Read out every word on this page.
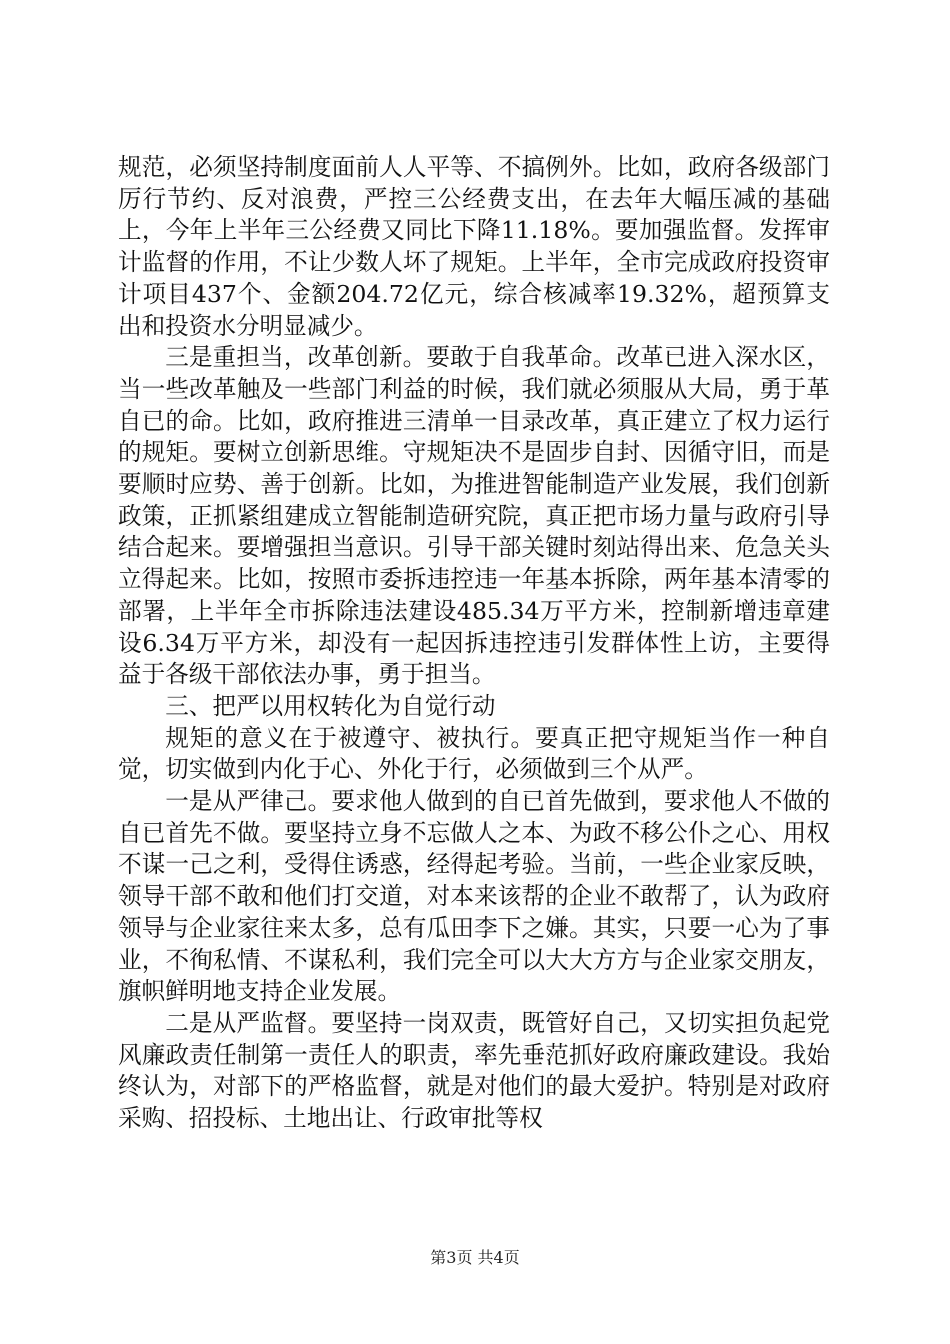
规范，必须坚持制度面前人人平等、不搞例外。比如，政府各级部门厉行节约、反对浪费，严控三公经费支出，在去年大幅压减的基础上，今年上半年三公经费又同比下降11.18%。要加强监督。发挥审计监督的作用，不让少数人坏了规矩。上半年，全市完成政府投资审计项目437个、金额204.72亿元，综合核减率19.32%，超预算支出和投资水分明显减少。

三是重担当，改革创新。要敢于自我革命。改革已进入深水区，当一些改革触及一些部门利益的时候，我们就必须服从大局，勇于革自已的命。比如，政府推进三清单一目录改革，真正建立了权力运行的规矩。要树立创新思维。守规矩决不是固步自封、因循守旧，而是要顺时应势、善于创新。比如，为推进智能制造产业发展，我们创新政策，正抓紧组建成立智能制造研究院，真正把市场力量与政府引导结合起来。要增强担当意识。引导干部关键时刻站得出来、危急关头立得起来。比如，按照市委拆违控违一年基本拆除，两年基本清零的部署，上半年全市拆除违法建设485.34万平方米，控制新增违章建设6.34万平方米，却没有一起因拆违控违引发群体性上访，主要得益于各级干部依法办事，勇于担当。

三、把严以用权转化为自觉行动

规矩的意义在于被遵守、被执行。要真正把守规矩当作一种自觉，切实做到内化于心、外化于行，必须做到三个从严。

一是从严律己。要求他人做到的自已首先做到，要求他人不做的自已首先不做。要坚持立身不忘做人之本、为政不移公仆之心、用权不谋一己之利，受得住诱惑，经得起考验。当前，一些企业家反映，领导干部不敢和他们打交道，对本来该帮的企业不敢帮了，认为政府领导与企业家往来太多，总有瓜田李下之嫌。其实，只要一心为了事业，不徇私情、不谋私利，我们完全可以大大方方与企业家交朋友，旗帜鲜明地支持企业发展。

二是从严监督。要坚持一岗双责，既管好自己，又切实担负起党风廉政责任制第一责任人的职责，率先垂范抓好政府廉政建设。我始终认为，对部下的严格监督，就是对他们的最大爱护。特别是对政府采购、招投标、土地出让、行政审批等权

第3页 共4页
